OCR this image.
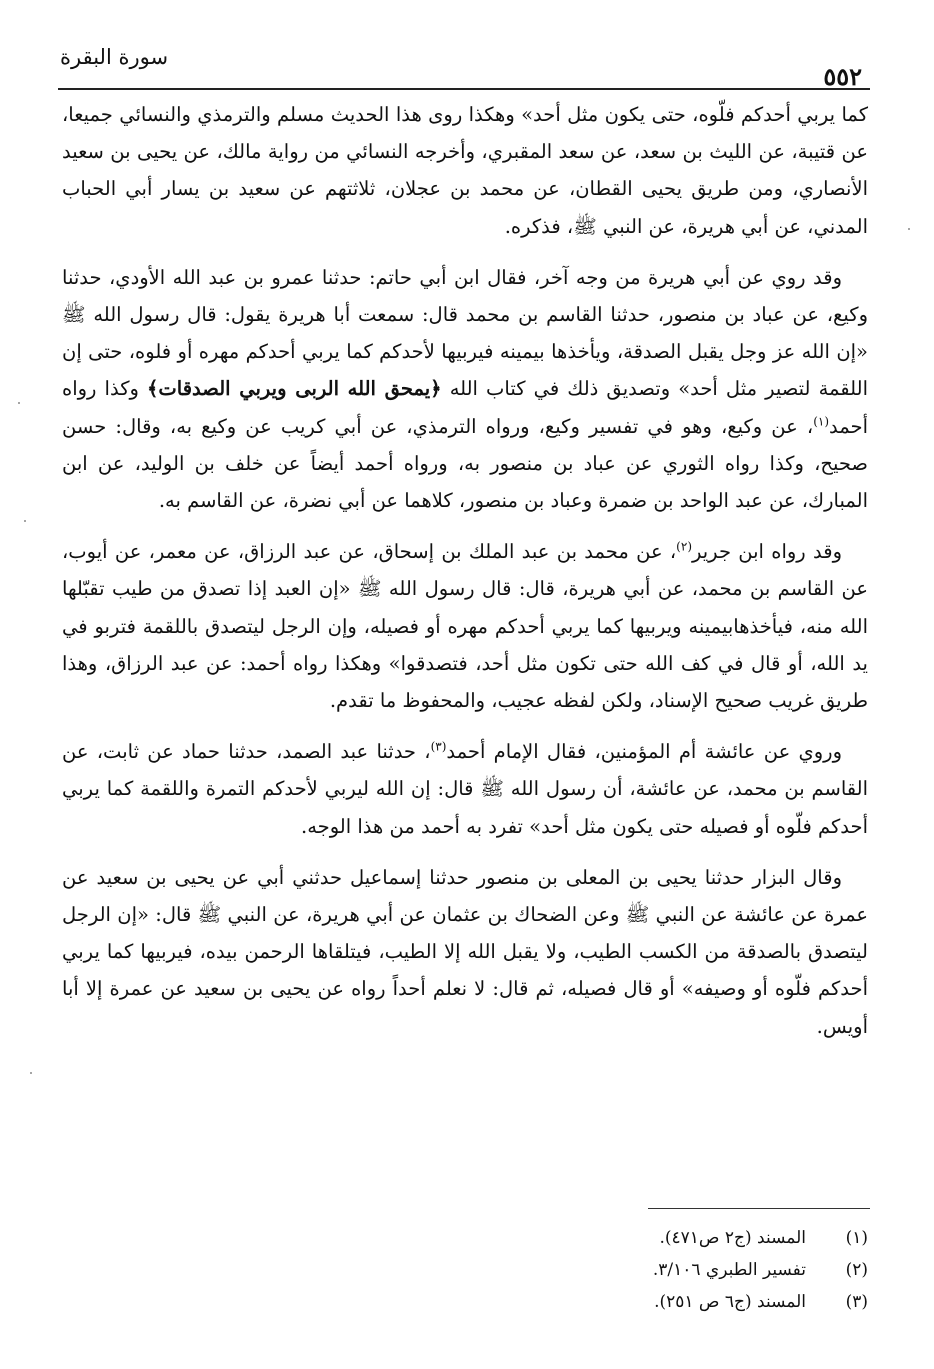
سورة البقرة
٥٥٢

كما يربي أحدكم فلّوه، حتى يكون مثل أحد» وهكذا روى هذا الحديث مسلم والترمذي والنسائي جميعا، عن قتيبة، عن الليث بن سعد، عن سعد المقبري، وأخرجه النسائي من رواية مالك، عن يحيى بن سعيد الأنصاري، ومن طريق يحيى القطان، عن محمد بن عجلان، ثلاثتهم عن سعيد بن يسار أبي الحباب المدني، عن أبي هريرة، عن النبي ﷺ، فذكره.

وقد روي عن أبي هريرة من وجه آخر، فقال ابن أبي حاتم: حدثنا عمرو بن عبد الله الأودي، حدثنا وكيع، عن عباد بن منصور، حدثنا القاسم بن محمد قال: سمعت أبا هريرة يقول: قال رسول الله ﷺ «إن الله عز وجل يقبل الصدقة، ويأخذها بيمينه فيربيها لأحدكم كما يربي أحدكم مهره أو فلوه، حتى إن اللقمة لتصير مثل أحد» وتصديق ذلك في كتاب الله ﴿يمحق الله الربى ويربي الصدقات﴾ وكذا رواه أحمد$^{(١)}$، عن وكيع، وهو في تفسير وكيع، ورواه الترمذي، عن أبي كريب عن وكيع به، وقال: حسن صحيح، وكذا رواه الثوري عن عباد بن منصور به، ورواه أحمد أيضاً عن خلف بن الوليد، عن ابن المبارك، عن عبد الواحد بن ضمرة وعباد بن منصور، كلاهما عن أبي نضرة، عن القاسم به.

وقد رواه ابن جرير$^{(٢)}$، عن محمد بن عبد الملك بن إسحاق، عن عبد الرزاق، عن معمر، عن أيوب، عن القاسم بن محمد، عن أبي هريرة، قال: قال رسول الله ﷺ «إن العبد إذا تصدق من طيب تقبّلها الله منه، فيأخذهابيمينه ويربيها كما يربي أحدكم مهره أو فصيله، وإن الرجل ليتصدق باللقمة فتربو في يد الله، أو قال في كف الله حتى تكون مثل أحد، فتصدقوا» وهكذا رواه أحمد: عن عبد الرزاق، وهذا طريق غريب صحيح الإسناد، ولكن لفظه عجيب، والمحفوظ ما تقدم.

وروي عن عائشة أم المؤمنين، فقال الإمام أحمد$^{(٣)}$، حدثنا عبد الصمد، حدثنا حماد عن ثابت، عن القاسم بن محمد، عن عائشة، أن رسول الله ﷺ قال: إن الله ليربي لأحدكم التمرة واللقمة كما يربي أحدكم فلّوه أو فصيله حتى يكون مثل أحد» تفرد به أحمد من هذا الوجه.

وقال البزار حدثنا يحيى بن المعلى بن منصور حدثنا إسماعيل حدثني أبي عن يحيى بن سعيد عن عمرة عن عائشة عن النبي ﷺ وعن الضحاك بن عثمان عن أبي هريرة، عن النبي ﷺ قال: «إن الرجل ليتصدق بالصدقة من الكسب الطيب، ولا يقبل الله إلا الطيب، فيتلقاها الرحمن بيده، فيربيها كما يربي أحدكم فلّوه أو وصيفه» أو قال فصيله، ثم قال: لا نعلم أحداً رواه عن يحيى بن سعيد عن عمرة إلا أبا أويس.

(١)المسند (ج٢ ص٤٧١).
(٢)تفسير الطبري ٣/١٠٦.
(٣)المسند (ج٦ ص ٢٥١).
